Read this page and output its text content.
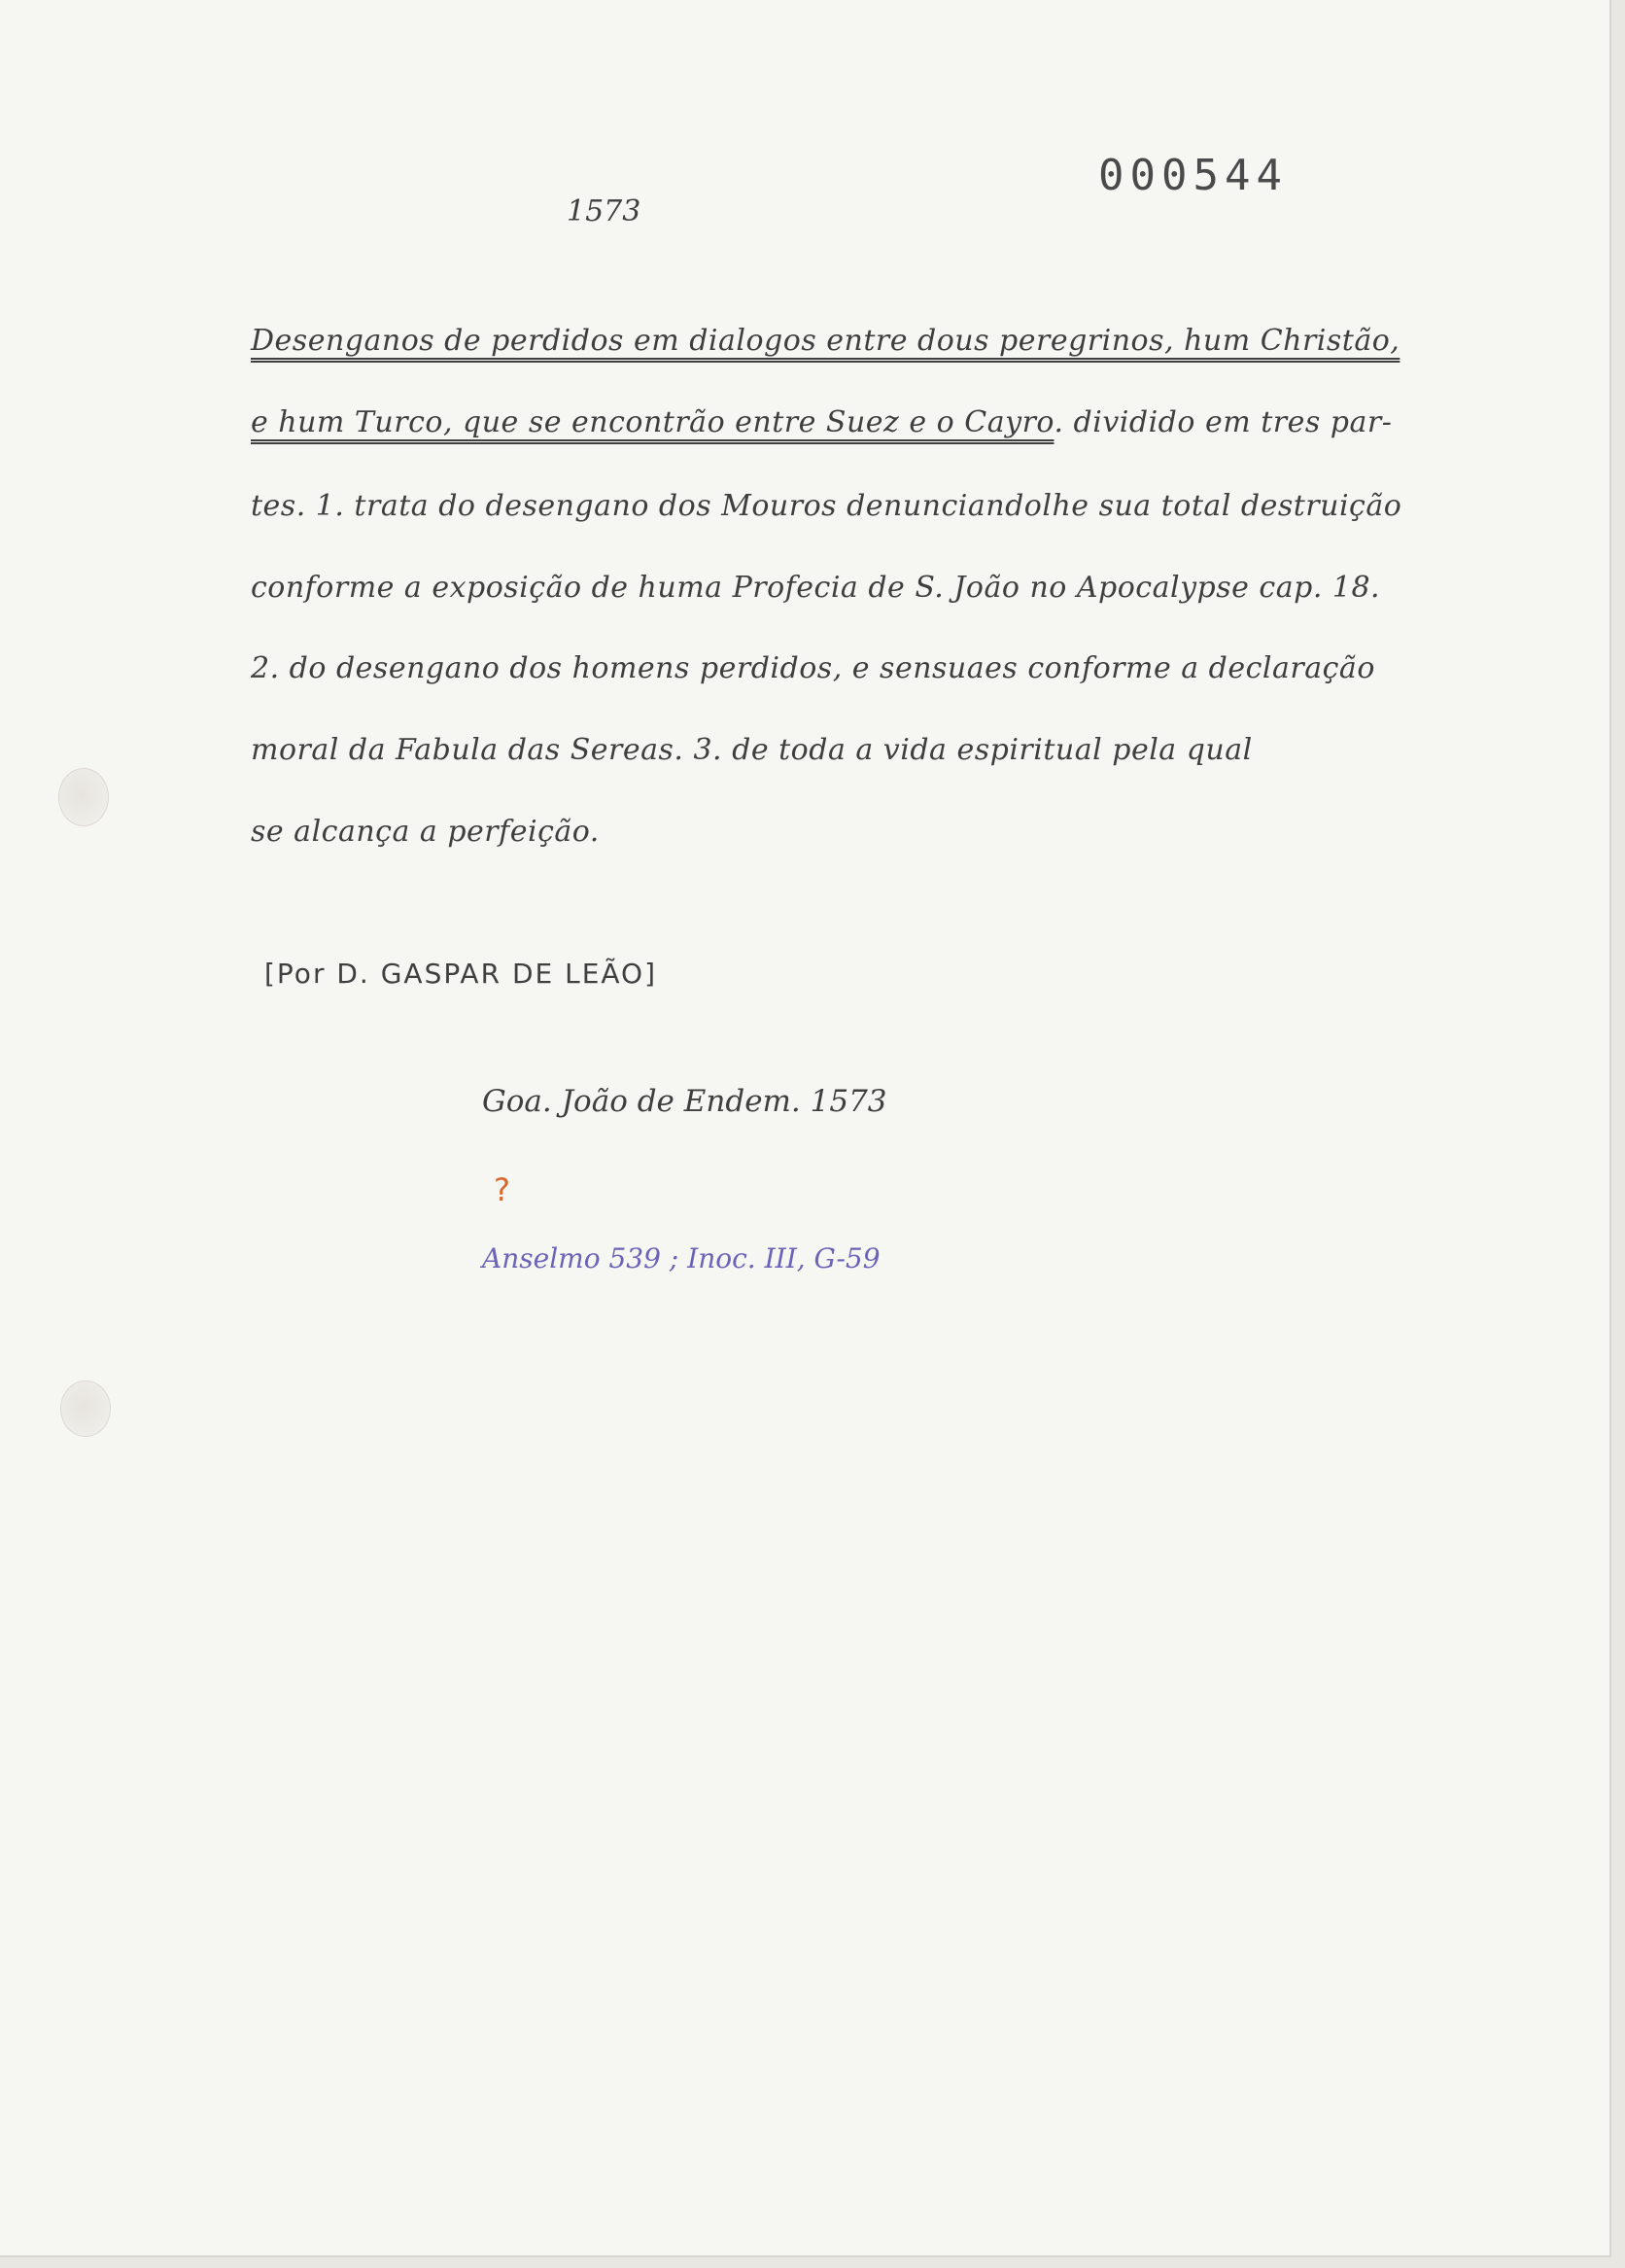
000544
1573
Desenganos de perdidos em dialogos entre dous peregrinos, hum Christão,
e hum Turco, que se encontrão entre Suez e o Cayro. dividido em tres par-
tes. 1. trata do desengano dos Mouros denunciandolhe sua total destruição
conforme a exposição de huma Profecia de S. João no Apocalypse cap. 18.
2. do desengano dos homens perdidos, e sensuaes conforme a declaração
moral da Fabula das Sereas. 3. de toda a vida espiritual pela qual
se alcança a perfeição.
[Por D. GASPAR DE LEÃO]
Goa. João de Endem. 1573
?
Anselmo 539 ; Inoc. III, G-59
